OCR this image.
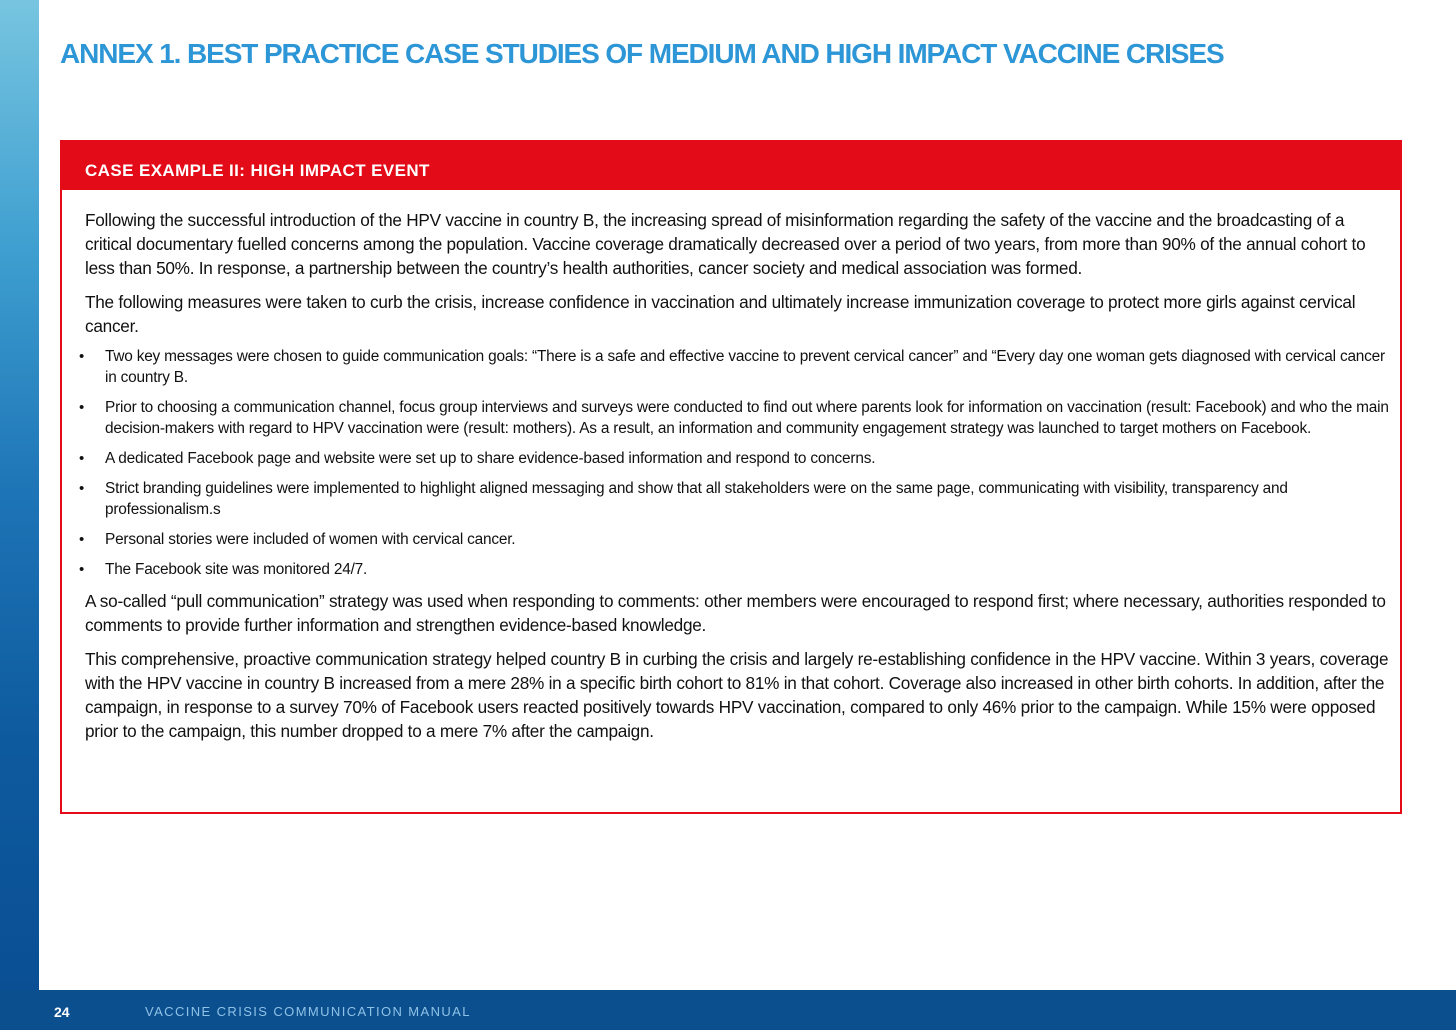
ANNEX 1. BEST PRACTICE CASE STUDIES OF MEDIUM AND HIGH IMPACT VACCINE CRISES
CASE EXAMPLE II: HIGH IMPACT EVENT

Following the successful introduction of the HPV vaccine in country B, the increasing spread of misinformation regarding the safety of the vaccine and the broadcasting of a critical documentary fuelled concerns among the population. Vaccine coverage dramatically decreased over a period of two years, from more than 90% of the annual cohort to less than 50%. In response, a partnership between the country’s health authorities, cancer society and medical association was formed.

The following measures were taken to curb the crisis, increase confidence in vaccination and ultimately increase immunization coverage to protect more girls against cervical cancer.

• Two key messages were chosen to guide communication goals: “There is a safe and effective vaccine to prevent cervical cancer” and “Every day one woman gets diagnosed with cervical cancer in country B.
• Prior to choosing a communication channel, focus group interviews and surveys were conducted to find out where parents look for information on vaccination (result: Facebook) and who the main decision-makers with regard to HPV vaccination were (result: mothers). As a result, an information and community engagement strategy was launched to target mothers on Facebook.
• A dedicated Facebook page and website were set up to share evidence-based information and respond to concerns.
• Strict branding guidelines were implemented to highlight aligned messaging and show that all stakeholders were on the same page, communicating with visibility, transparency and professionalism.s
• Personal stories were included of women with cervical cancer.
• The Facebook site was monitored 24/7.

A so-called “pull communication” strategy was used when responding to comments: other members were encouraged to respond first; where necessary, authorities responded to comments to provide further information and strengthen evidence-based knowledge.

This comprehensive, proactive communication strategy helped country B in curbing the crisis and largely re-establishing confidence in the HPV vaccine. Within 3 years, coverage with the HPV vaccine in country B increased from a mere 28% in a specific birth cohort to 81% in that cohort. Coverage also increased in other birth cohorts. In addition, after the campaign, in response to a survey 70% of Facebook users reacted positively towards HPV vaccination, compared to only 46% prior to the campaign. While 15% were opposed prior to the campaign, this number dropped to a mere 7% after the campaign.

24	VACCINE CRISIS COMMUNICATION MANUAL
